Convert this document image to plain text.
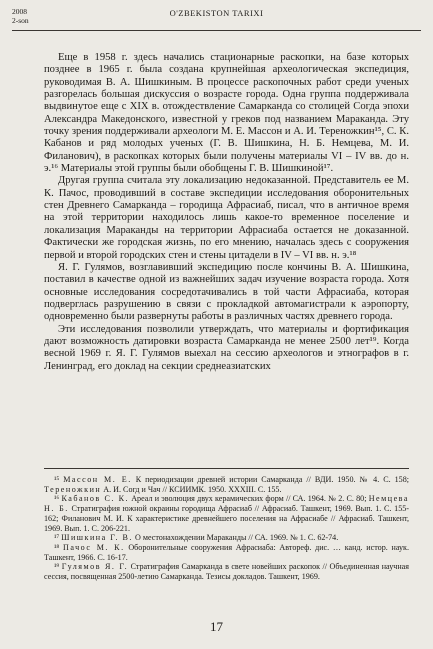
2008
2-son
O'ZBEKISTON TARIXI

Еще в 1958 г. здесь начались стационарные раскопки, на базе которых позднее в 1965 г. была создана крупнейшая археологическая экспедиция, руководимая В. А. Шишкиным. В процессе раскопочных работ среди ученых разгорелась большая дискуссия о возрасте города. Одна группа поддерживала выдвинутое еще с XIX в. отождествление Самарканда со столицей Согда эпохи Александра Македонского, известной у греков под названием Мараканда. Эту точку зрения поддерживали археологи М. Е. Массон и А. И. Тереножкин¹⁵, С. К. Кабанов и ряд молодых ученых (Г. В. Шишкина, Н. Б. Немцева, М. И. Филанович), в раскопках которых были получены материалы VI – IV вв. до н. э.¹⁶ Материалы этой группы были обобщены Г. В. Шишкиной¹⁷.

Другая группа считала эту локализацию недоказанной. Представитель ее М. К. Пачос, проводивший в составе экспедиции исследования оборонительных стен Древнего Самарканда – городища Афрасиаб, писал, что в античное время на этой территории находилось лишь какое-то временное поселение и локализация Мараканды на территории Афрасиаба остается не доказанной. Фактически же городская жизнь, по его мнению, началась здесь с сооружения первой и второй городских стен и стены цитадели в IV – VI вв. н. э.¹⁸

Я. Г. Гулямов, возглавивший экспедицию после кончины В. А. Шишкина, поставил в качестве одной из важнейших задач изучение возраста города. Хотя основные исследования сосредотачивались в той части Афрасиаба, которая подверглась разрушению в связи с прокладкой автомагистрали к аэропорту, одновременно были развернуты работы в различных частях древнего города.

Эти исследования позволили утверждать, что материалы и фортификация дают возможность датировки возраста Самарканда не менее 2500 лет¹⁹. Когда весной 1969 г. Я. Г. Гулямов выехал на сессию археологов и этнографов в г. Ленинград, его доклад на секции среднеазиатских

¹⁵ Массон М. Е. К периодизации древней истории Самарканда // ВДИ. 1950. № 4. С. 158; Тереножкин А. И. Согд и Чач // КСИИМК. 1950. XXXIII. С. 155.

¹⁶ Кабанов С. К. Ареал и эволюция двух керамических форм // СА. 1964. № 2. С. 80; Немцева Н. Б. Стратиграфия южной окраины городища Афрасиаб // Афрасиаб. Ташкент, 1969. Вып. 1. С. 155-162; Филанович М. И. К характеристике древнейшего поселения на Афрасиабе // Афрасиаб. Ташкент, 1969. Вып. 1. С. 206-221.

¹⁷ Шишкина Г. В. О местонахождении Мараканды // СА. 1969. № 1. С. 62-74.

¹⁸ Пачос М. К. Оборонительные сооружения Афрасиаба: Автореф. дис. … канд. истор. наук. Ташкент, 1966. С. 16-17.

¹⁹ Гулямов Я. Г. Стратиграфия Самарканда в свете новейших раскопок // Объединенная научная сессия, посвященная 2500-летию Самарканда. Тезисы докладов. Ташкент, 1969.

17
